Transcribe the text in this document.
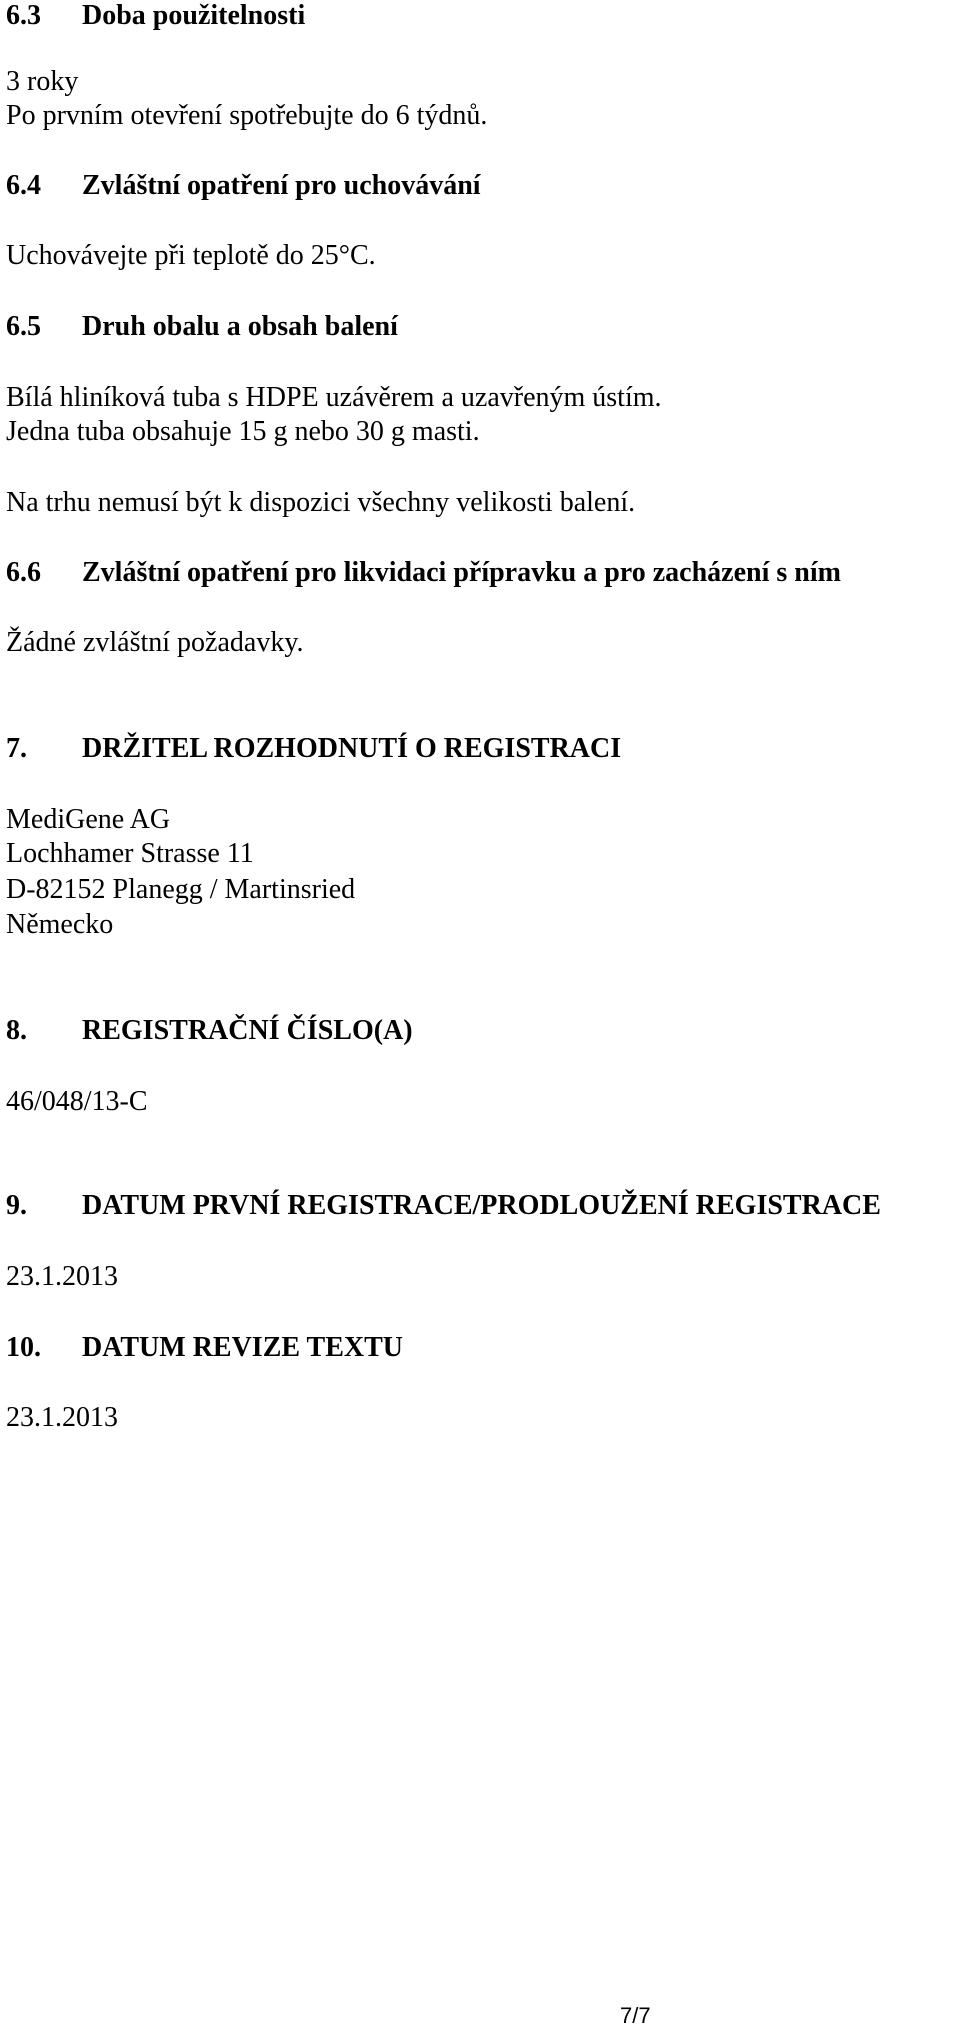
6.3 Doba použitelnosti
3 roky
Po prvním otevření spotřebujte do 6 týdnů.
6.4 Zvláštní opatření pro uchovávání
Uchovávejte při teplotě do 25°C.
6.5 Druh obalu a obsah balení
Bílá hliníková tuba s HDPE uzávěrem a uzavřeným ústím.
Jedna tuba obsahuje 15 g nebo 30 g masti.
Na trhu nemusí být k dispozici všechny velikosti balení.
6.6 Zvláštní opatření pro likvidaci přípravku a pro zacházení s ním
Žádné zvláštní požadavky.
7. DRŽITEL ROZHODNUTÍ O REGISTRACI
MediGene AG
Lochhamer Strasse 11
D-82152 Planegg / Martinsried
Německo
8. REGISTRAČNÍ ČÍSLO(A)
46/048/13-C
9. DATUM PRVNÍ REGISTRACE/PRODLOUŽENÍ REGISTRACE
23.1.2013
10. DATUM REVIZE TEXTU
23.1.2013
7/7
